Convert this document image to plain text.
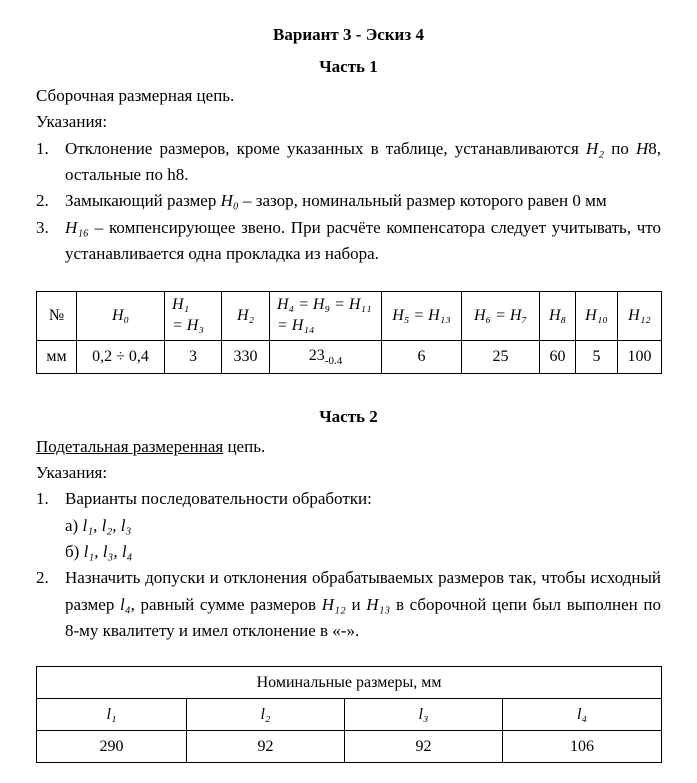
Вариант 3 - Эскиз 4
Часть 1

Сборочная размерная цепь.

Указания:

1. Отклонение размеров, кроме указанных в таблице, устанавливаются H₂ по H8, остальные по h8.
2. Замыкающий размер H₀ – зазор, номинальный размер которого равен 0 мм
3. H₁₆ – компенсирующее звено. При расчёте компенсатора следует учитывать, что устанавливается одна прокладка из набора.
№	H₀	H₁
= H₃	H₂	H₄ = H₉ = H₁₁
= H₁₄	H₅ = H₁₃	H₆ = H₇	H₈	H₁₀	H₁₂
мм	0,2 ÷ 0,4	3	330	$23_{-0.4}$	6	25	60	5	100
Часть 2

Подетальная размеренная цепь.

Указания:

1. Варианты последовательности обработки:
а) l₁, l₂, l₃
б) l₁, l₃, l₄
2. Назначить допуски и отклонения обрабатываемых размеров так, чтобы исходный размер l₄, равный сумме размеров H₁₂ и H₁₃ в сборочной цепи был выполнен по 8-му квалитету и имел отклонение в «-».
Номинальные размеры, мм			
l₁	l₂	l₃	l₄
290	92	92	106
